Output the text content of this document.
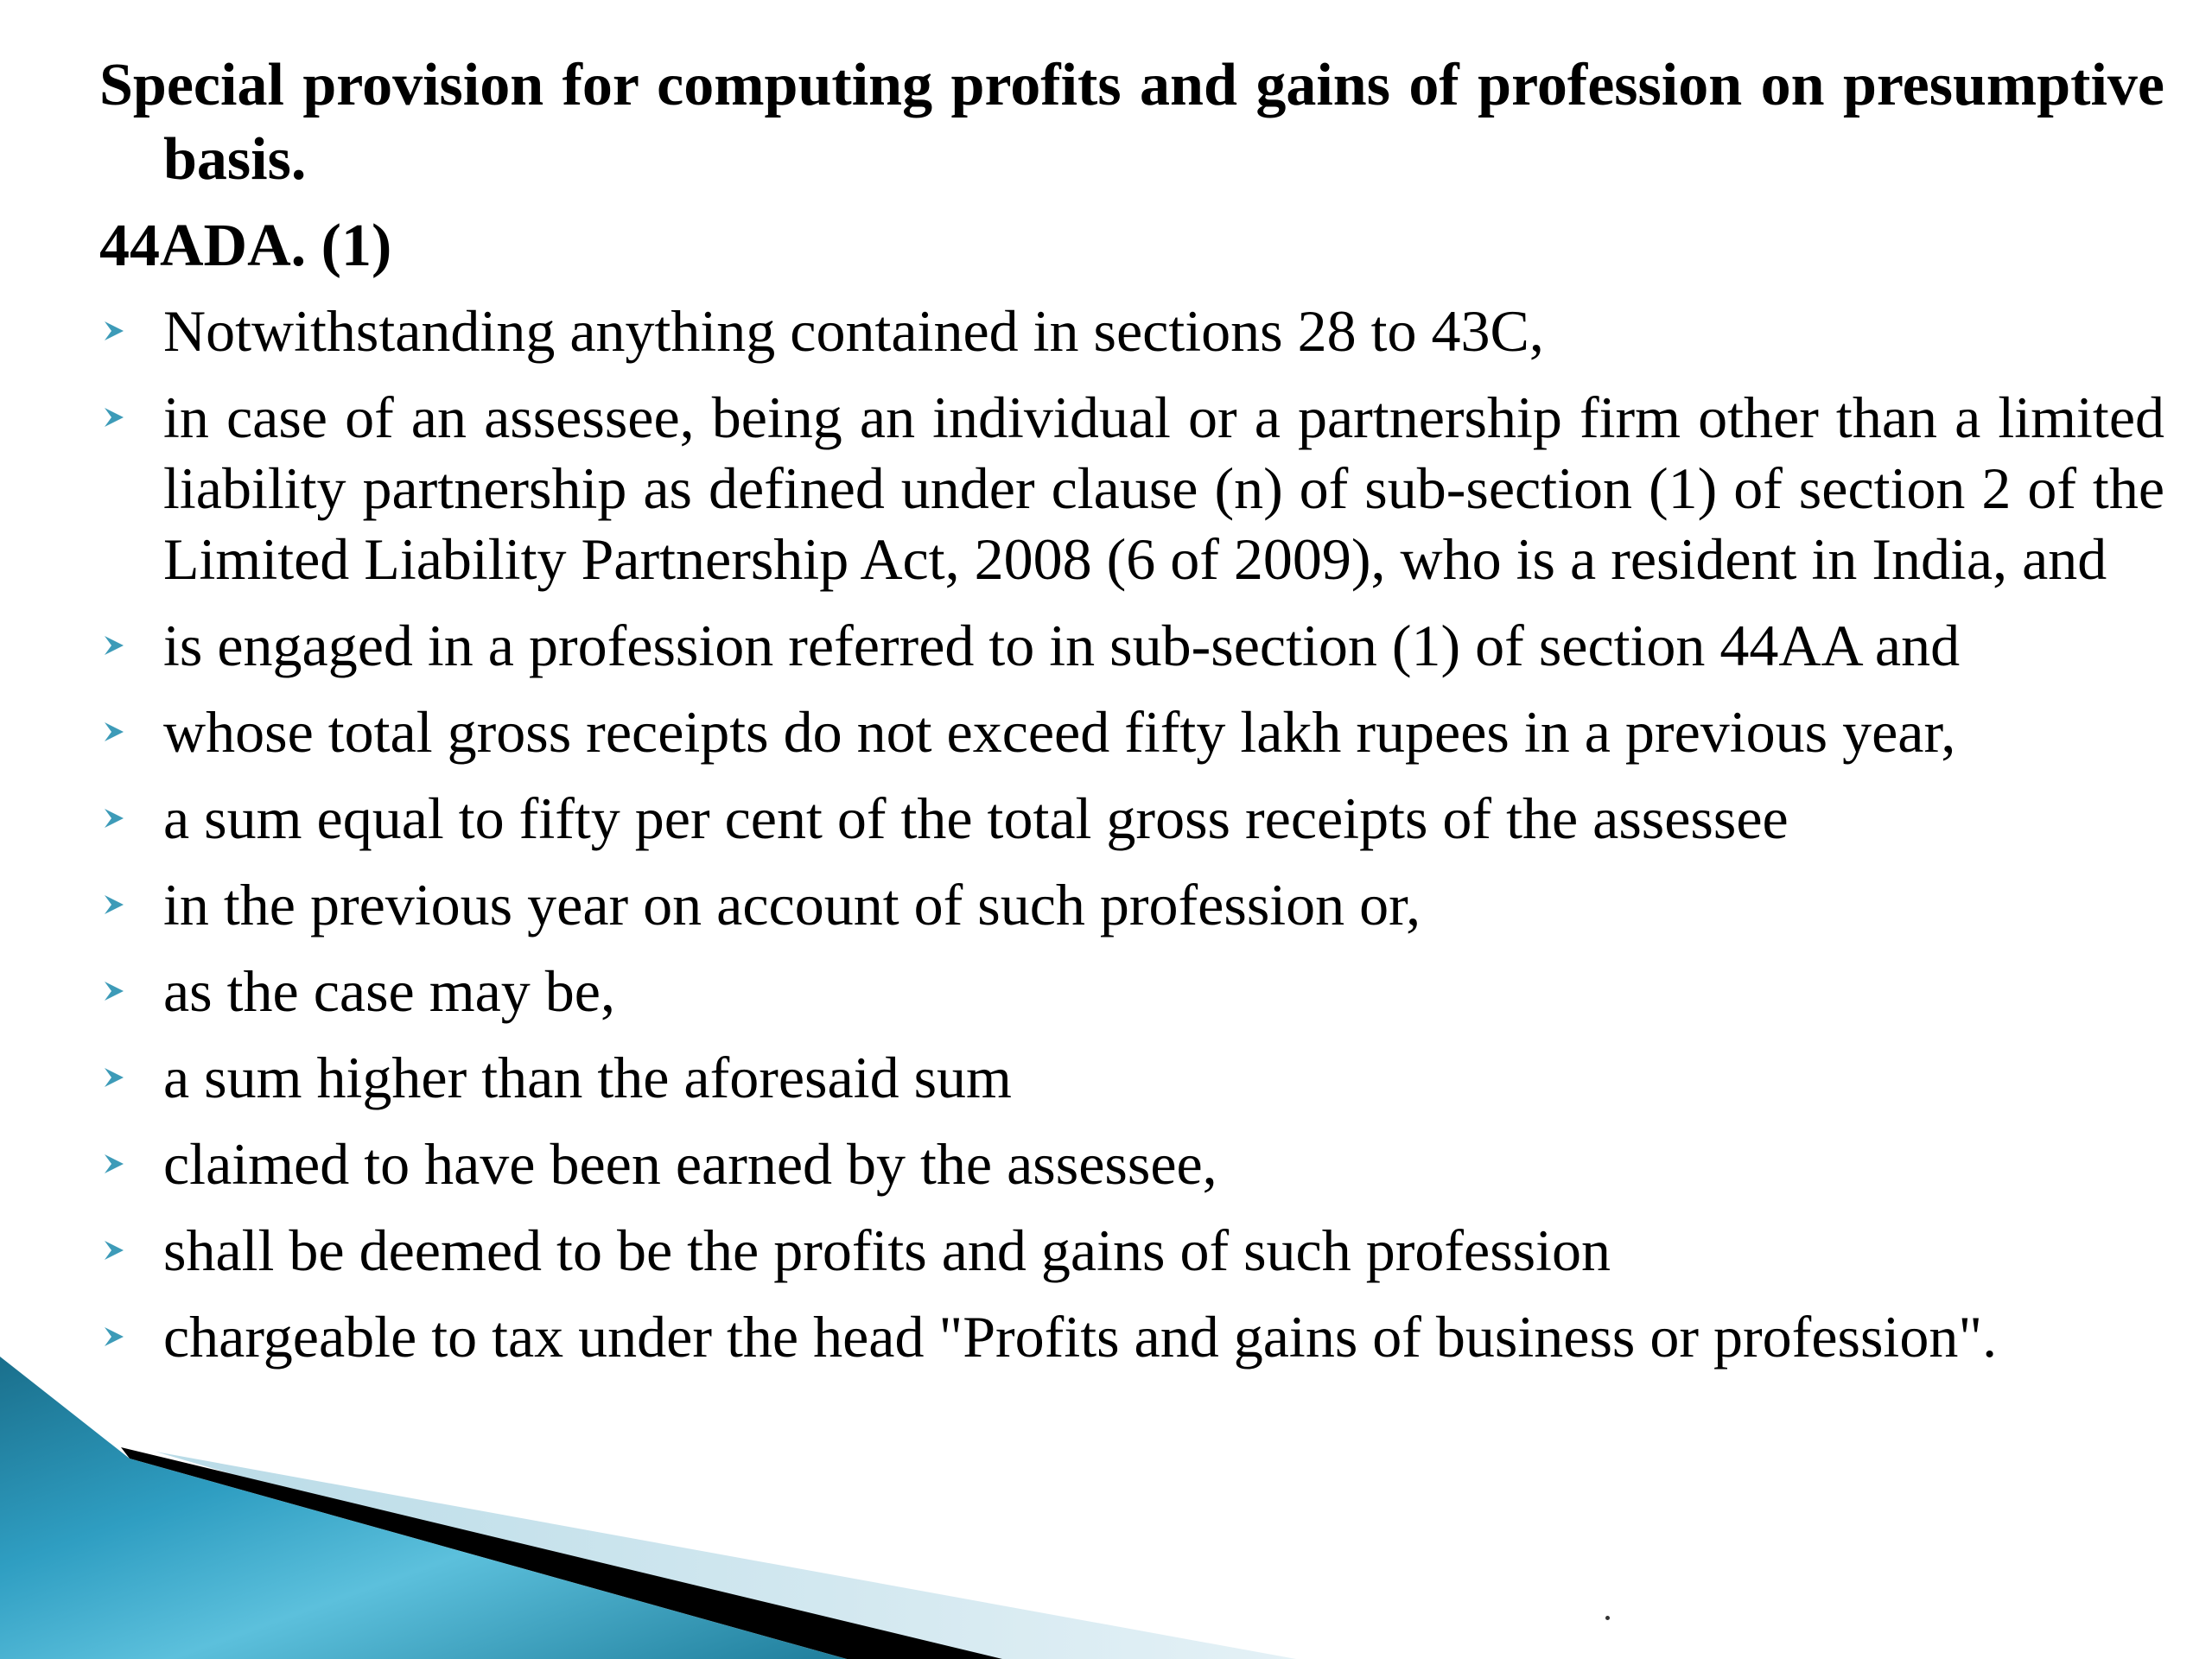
Special provision for computing profits and gains of profession on presumptive basis.

44ADA. (1)

Notwithstanding anything contained in sections 28 to 43C,
in case of an assessee, being an individual or a partnership firm other than a limited liability partnership as defined under clause (n) of sub-section (1) of section 2 of the Limited Liability Partnership Act, 2008 (6 of 2009), who is a resident in India, and
is engaged in a profession referred to in sub-section (1) of section 44AA and
whose total gross receipts do not exceed fifty lakh rupees in a previous year,
a sum equal to fifty per cent of the total gross receipts of the assessee
in the previous year on account of such profession or,
as the case may be,
a sum higher than the aforesaid sum
claimed to have been earned by the assessee,
shall be deemed to be the profits and gains of such profession
chargeable to tax under the head "Profits and gains of business or profession".
